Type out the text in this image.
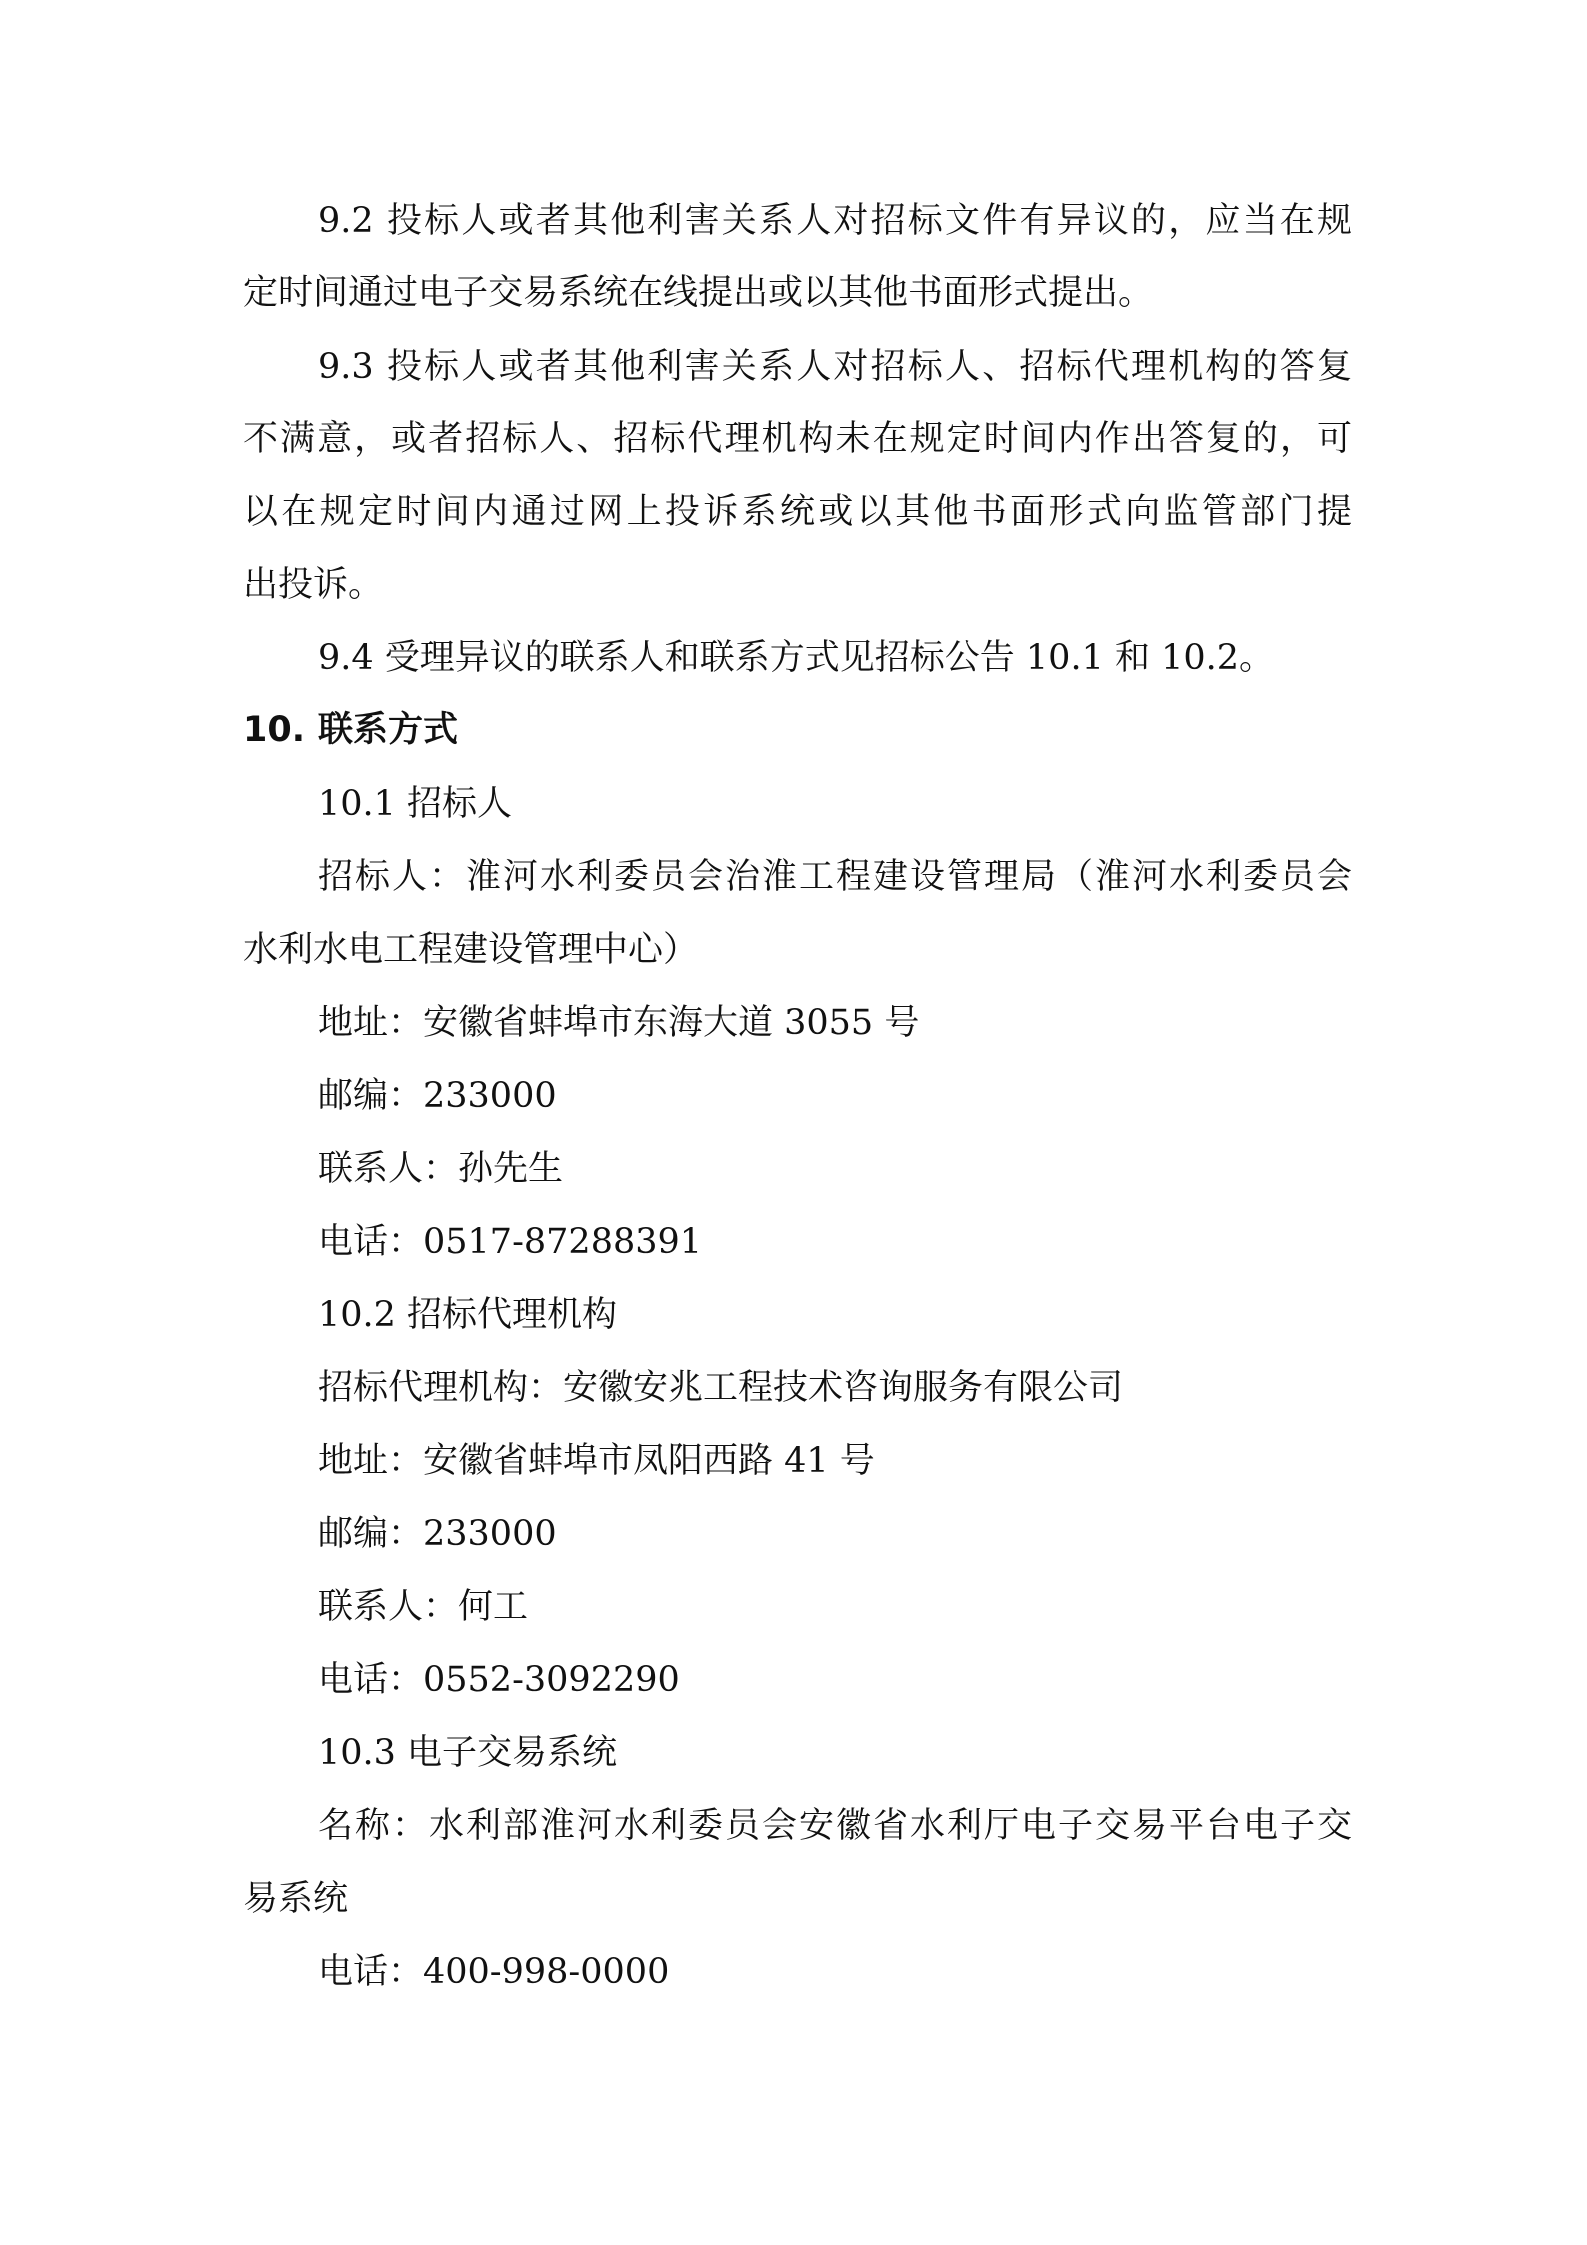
9.2 投标人或者其他利害关系人对招标文件有异议的，应当在规
定时间通过电子交易系统在线提出或以其他书面形式提出。
9.3 投标人或者其他利害关系人对招标人、招标代理机构的答复
不满意，或者招标人、招标代理机构未在规定时间内作出答复的，可
以在规定时间内通过网上投诉系统或以其他书面形式向监管部门提
出投诉。
9.4 受理异议的联系人和联系方式见招标公告 10.1 和 10.2。
10. 联系方式
10.1 招标人
招标人：淮河水利委员会治淮工程建设管理局（淮河水利委员会
水利水电工程建设管理中心）
地址：安徽省蚌埠市东海大道 3055 号
邮编：233000
联系人：孙先生
电话：0517-87288391
10.2 招标代理机构
招标代理机构：安徽安兆工程技术咨询服务有限公司
地址：安徽省蚌埠市凤阳西路 41 号
邮编：233000
联系人：何工
电话：0552-3092290
10.3 电子交易系统
名称：水利部淮河水利委员会安徽省水利厅电子交易平台电子交
易系统
电话：400-998-0000
